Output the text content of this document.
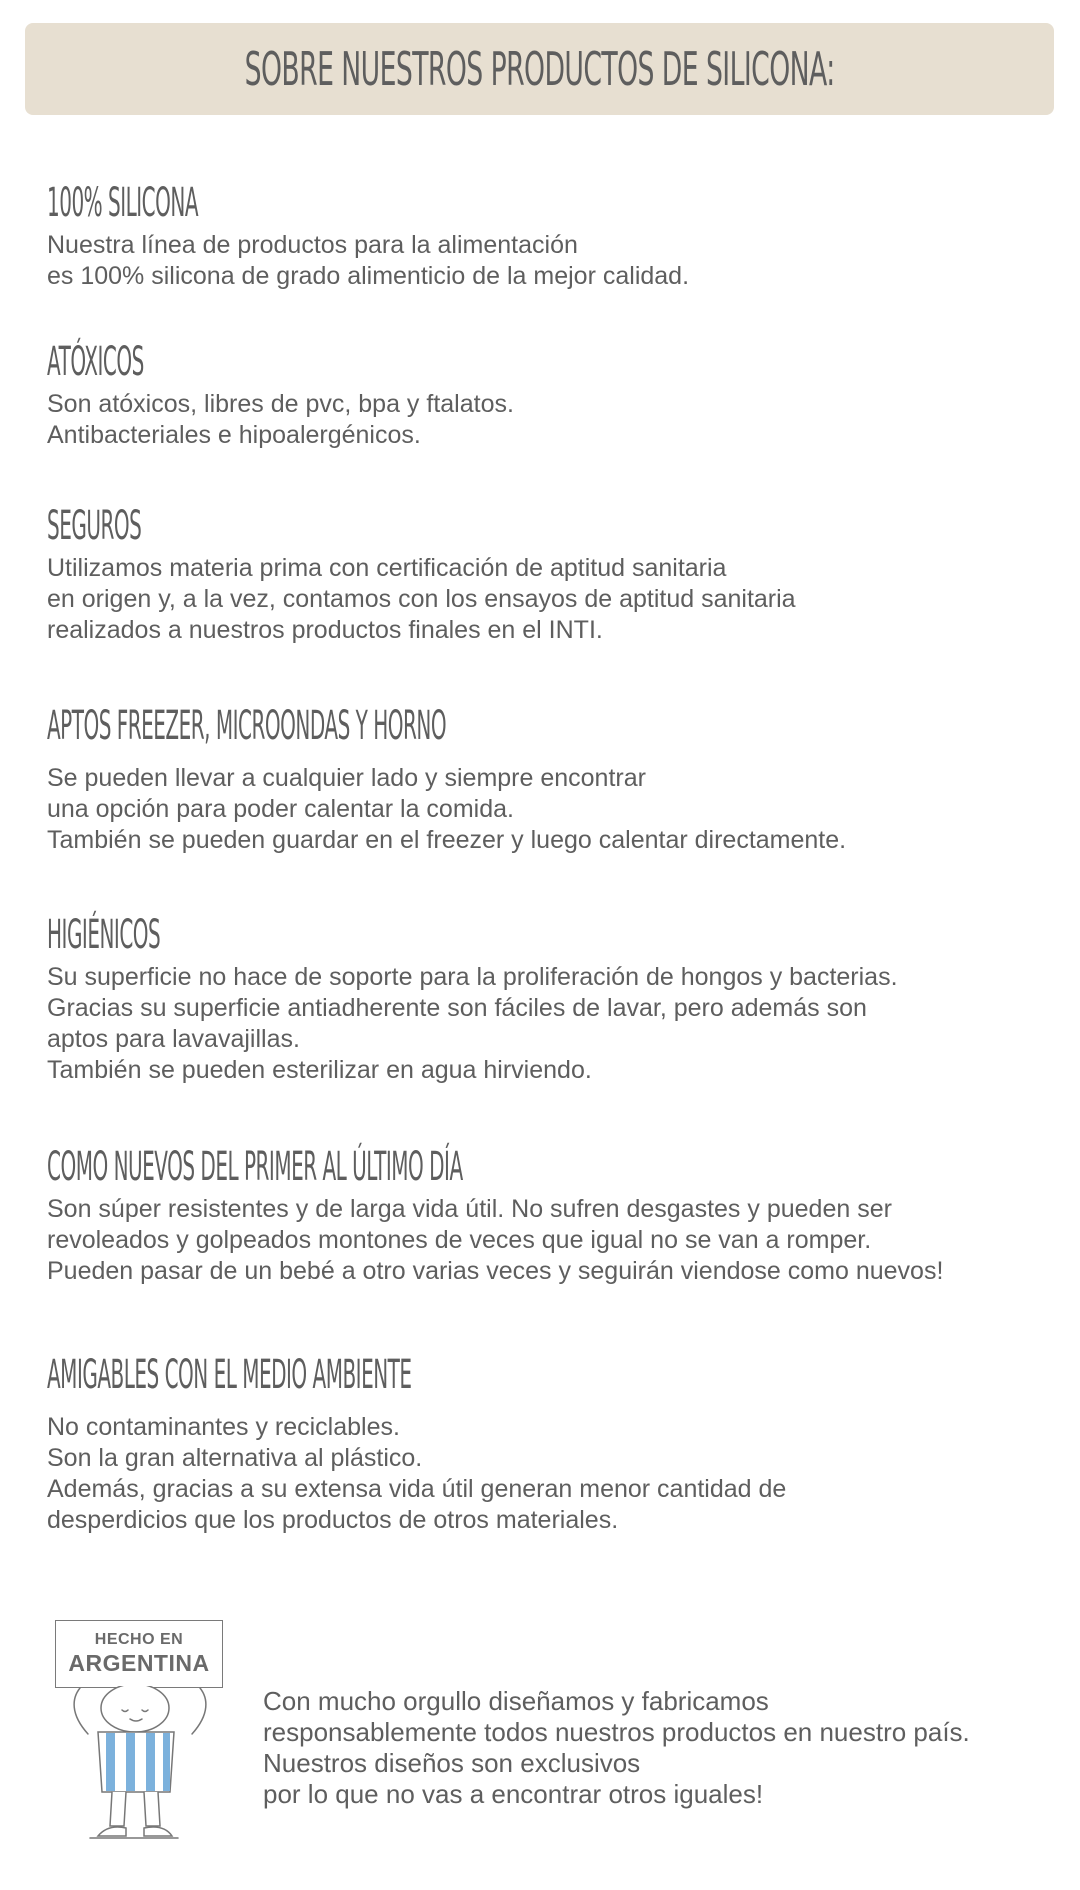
SOBRE NUESTROS PRODUCTOS DE SILICONA:
100% SILICONA
Nuestra línea de productos para la alimentación
es 100% silicona de grado alimenticio de la mejor calidad.
ATÓXICOS
Son atóxicos, libres de pvc, bpa y ftalatos.
Antibacteriales e hipoalergénicos.
SEGUROS
Utilizamos materia prima con certificación de aptitud sanitaria
en origen y, a la vez, contamos con los ensayos de aptitud sanitaria
realizados a nuestros productos finales en el INTI.
APTOS FREEZER, MICROONDAS Y HORNO
Se pueden llevar a cualquier lado y siempre encontrar
una opción para poder calentar la comida.
También se pueden guardar en el freezer y luego calentar directamente.
HIGIÉNICOS
Su superficie no hace de soporte para la proliferación de hongos y bacterias.
Gracias su superficie antiadherente son fáciles de lavar, pero además son
aptos para lavavajillas.
También se pueden esterilizar en agua hirviendo.
COMO NUEVOS DEL PRIMER AL ÚLTIMO DÍA
Son súper resistentes y de larga vida útil. No sufren desgastes y pueden ser
revoleados y golpeados montones de veces que igual no se van a romper.
Pueden pasar de un bebé a otro varias veces y seguirán viendose como nuevos!
AMIGABLES CON EL MEDIO AMBIENTE
No contaminantes y reciclables.
Son la gran alternativa al plástico.
Además, gracias a su extensa vida útil generan menor cantidad de
desperdicios que los productos de otros materiales.
HECHO EN
ARGENTINA
Con mucho orgullo diseñamos y fabricamos
responsablemente todos nuestros productos en nuestro país.
Nuestros diseños son exclusivos
por lo que no vas a encontrar otros iguales!
